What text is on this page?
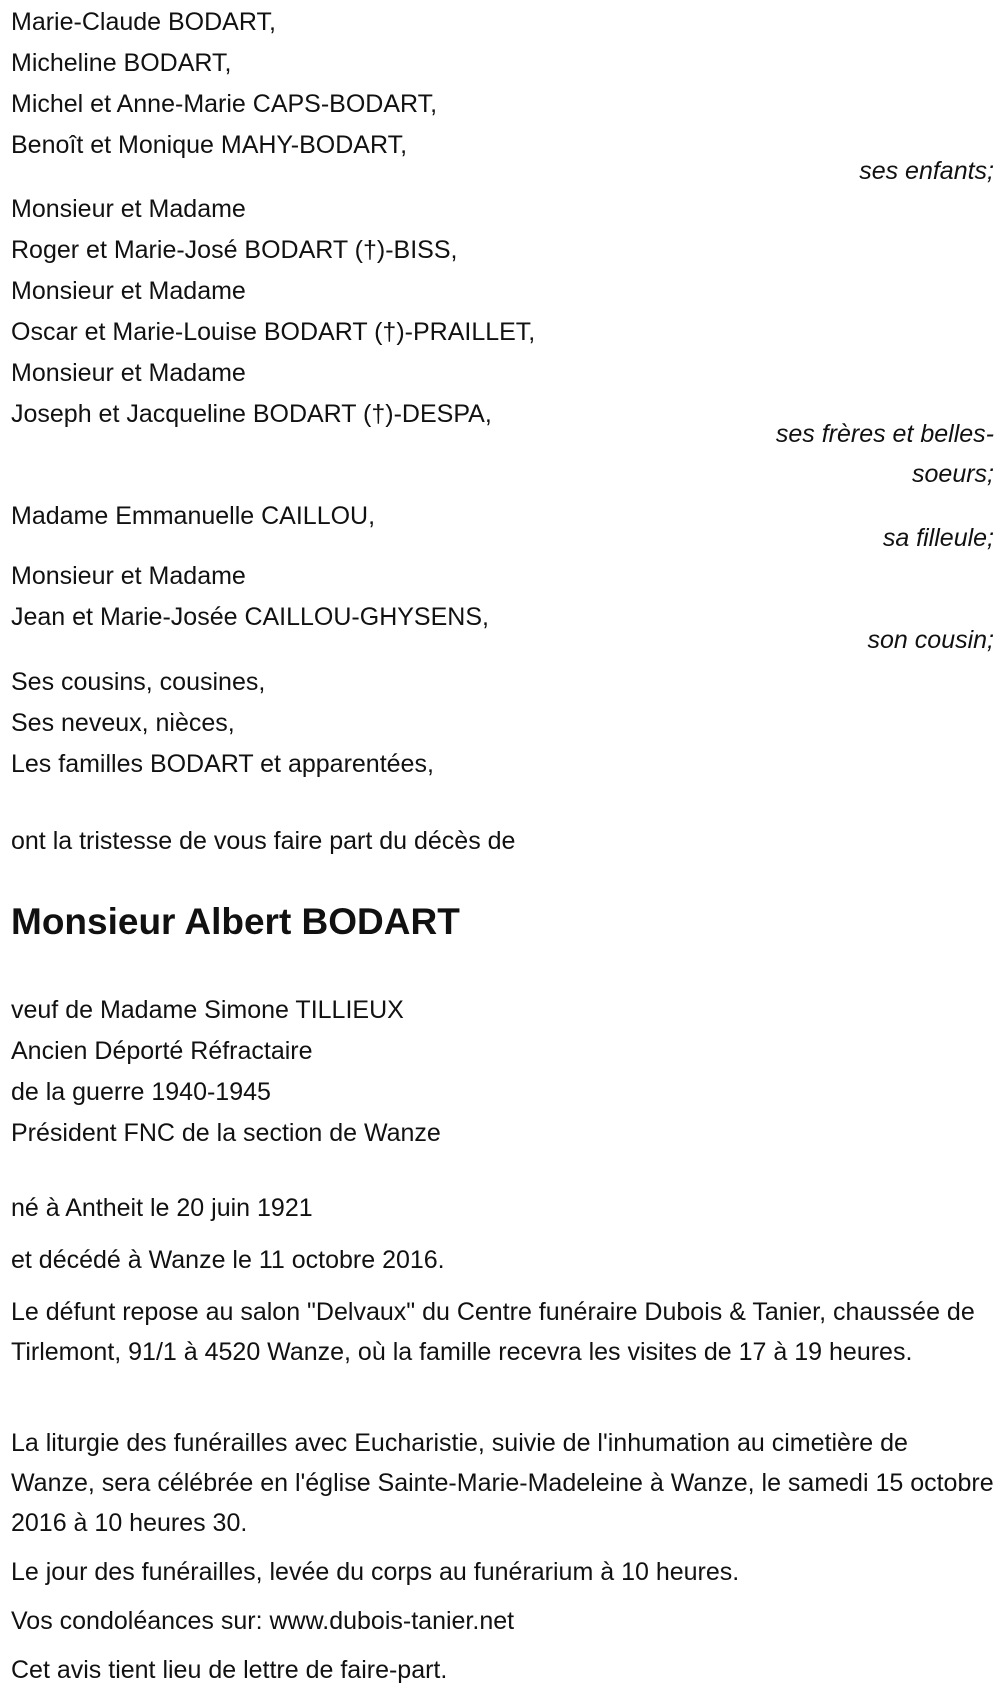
Marie-Claude BODART,
Micheline BODART,
Michel et Anne-Marie CAPS-BODART,
Benoît et Monique MAHY-BODART,
ses enfants;
Monsieur et Madame
Roger et Marie-José BODART (†)-BISS,
Monsieur et Madame
Oscar et Marie-Louise BODART (†)-PRAILLET,
Monsieur et Madame
Joseph et Jacqueline BODART (†)-DESPA,
ses frères et belles-
soeurs;
Madame Emmanuelle CAILLOU,
sa filleule;
Monsieur et Madame
Jean et Marie-Josée CAILLOU-GHYSENS,
son cousin;
Ses cousins, cousines,
Ses neveux, nièces,
Les familles BODART et apparentées,
ont la tristesse de vous faire part du décès de
Monsieur Albert BODART
veuf de Madame Simone TILLIEUX
Ancien Déporté Réfractaire
de la guerre 1940-1945
Président FNC de la section de Wanze
né à Antheit le 20 juin 1921
et décédé à Wanze le 11 octobre 2016.
Le défunt repose au salon "Delvaux" du Centre funéraire Dubois & Tanier, chaussée de Tirlemont, 91/1 à 4520 Wanze, où la famille recevra les visites de 17 à 19 heures.
La liturgie des funérailles avec Eucharistie, suivie de l'inhumation au cimetière de Wanze, sera célébrée en l'église Sainte-Marie-Madeleine à Wanze, le samedi 15 octobre 2016 à 10 heures 30.
Le jour des funérailles, levée du corps au funérarium à 10 heures.
Vos condoléances sur: www.dubois-tanier.net
Cet avis tient lieu de lettre de faire-part.
